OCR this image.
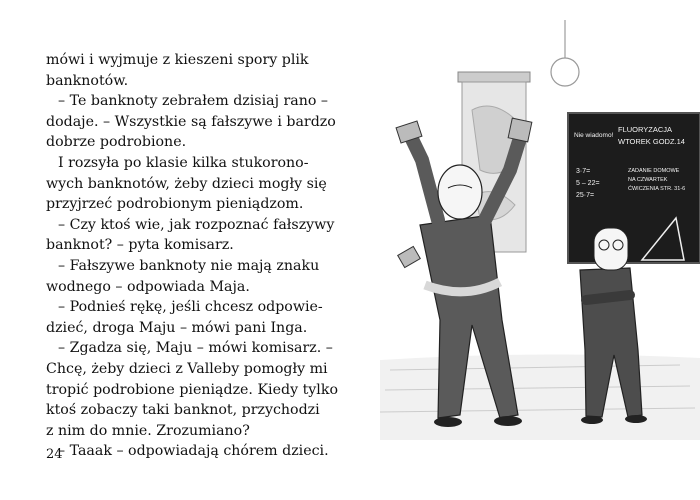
mówi i wyjmuje z kieszeni spory plik
banknotów.
– Te banknoty zebrałem dzisiaj rano –
dodaje. – Wszystkie są fałszywe i bardzo
dobrze podrobione.
I rozsyła po klasie kilka stukorono-
wych banknotów, żeby dzieci mogły się
przyjrzeć podrobionym pieniądzom.
– Czy ktoś wie, jak rozpoznać fałszywy
banknot? – pyta komisarz.
– Fałszywe banknoty nie mają znaku
wodnego – odpowiada Maja.
– Podnieś rękę, jeśli chcesz odpowie-
dzieć, droga Maju – mówi pani Inga.
– Zgadza się, Maju – mówi komisarz. –
Chcę, żeby dzieci z Valleby pomogły mi
tropić podrobione pieniądze. Kiedy tylko
ktoś zobaczy taki banknot, przychodzi
z nim do mnie. Zrozumiano?
– Taaak – odpowiadają chórem dzieci.
24
Nie wiadomo!
FLUORYZACJA
WTOREK GODZ.14
3·7=
5 – 22=
25·7=
ZADANIE DOMOWE
NA CZWARTEK
ĆWICZENIA STR. 31-6
